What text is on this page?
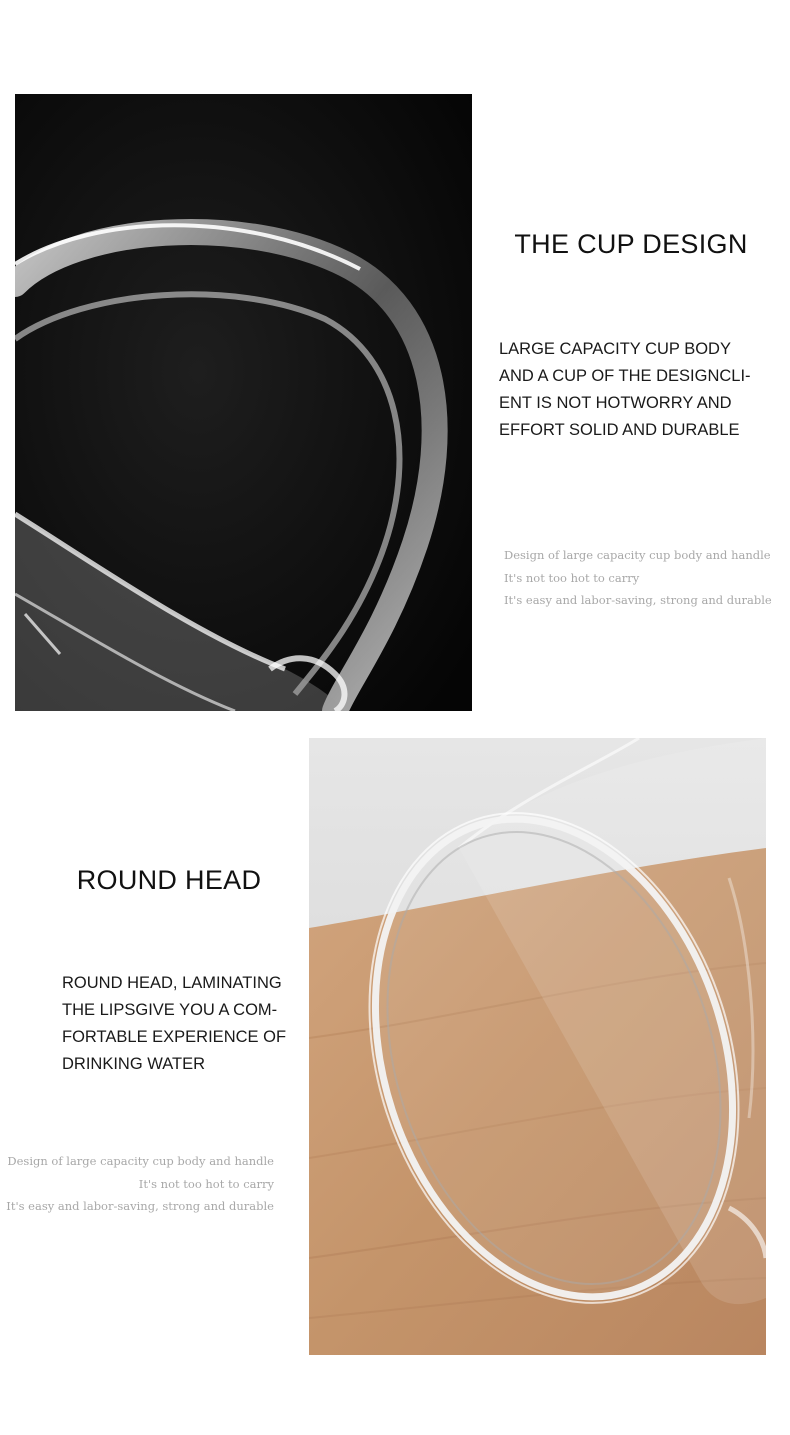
THE CUP DESIGN
LARGE CAPACITY CUP BODY
AND A CUP OF THE DESIGNCLI-
ENT IS NOT HOTWORRY AND
EFFORT SOLID AND DURABLE
Design of large capacity cup body and handle
It's not too hot to carry
It's easy and labor-saving, strong and durable
ROUND HEAD
ROUND HEAD, LAMINATING
THE LIPSGIVE YOU A COM-
FORTABLE EXPERIENCE OF
DRINKING WATER
Design of large capacity cup body and handle
It's not too hot to carry
It's easy and labor-saving, strong and durable
